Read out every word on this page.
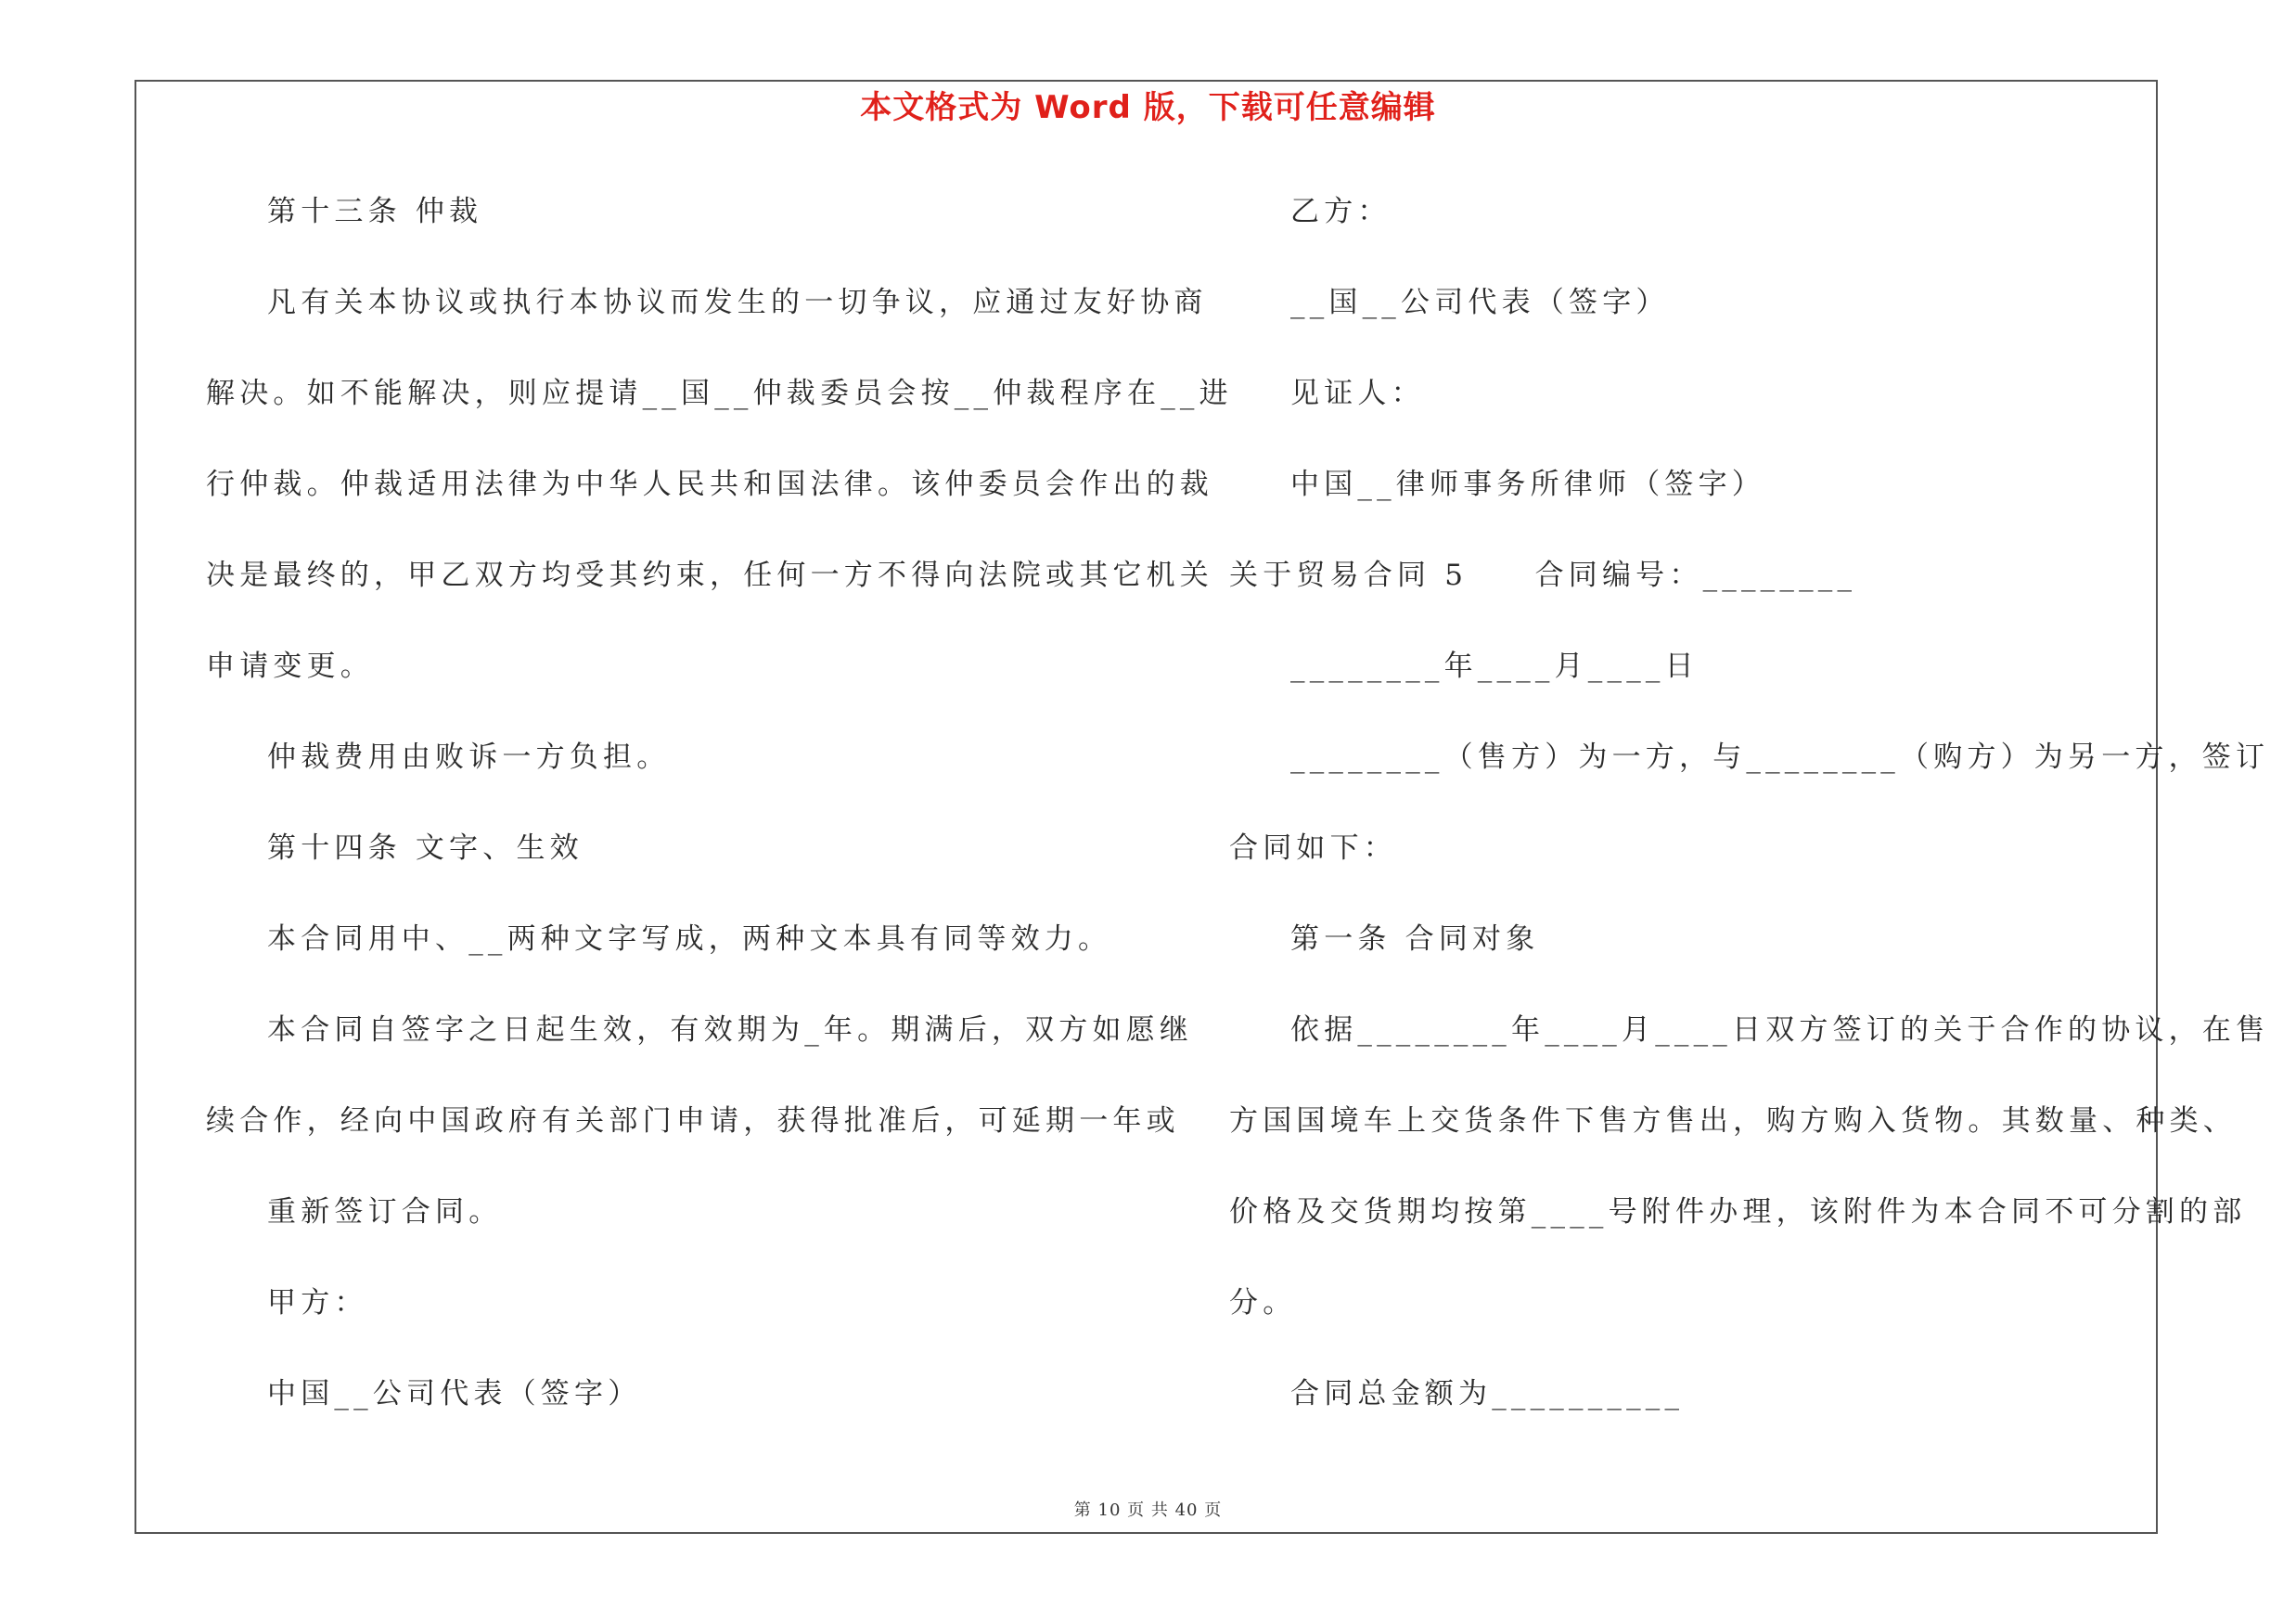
本文格式为 Word 版，下载可任意编辑
第十三条 仲裁
凡有关本协议或执行本协议而发生的一切争议，应通过友好协商
解决。如不能解决，则应提请__国__仲裁委员会按__仲裁程序在__进
行仲裁。仲裁适用法律为中华人民共和国法律。该仲委员会作出的裁
决是最终的，甲乙双方均受其约束，任何一方不得向法院或其它机关
申请变更。
仲裁费用由败诉一方负担。
第十四条 文字、生效
本合同用中、__两种文字写成，两种文本具有同等效力。
本合同自签字之日起生效，有效期为_年。期满后，双方如愿继
续合作，经向中国政府有关部门申请，获得批准后，可延期一年或
重新签订合同。
甲方：
中国__公司代表（签字）
乙方：
__国__公司代表（签字）
见证人：
中国__律师事务所律师（签字）
关于贸易合同 5　　合同编号：________
________年____月____日
________（售方）为一方，与________（购方）为另一方，签订
合同如下：
第一条 合同对象
依据________年____月____日双方签订的关于合作的协议，在售
方国国境车上交货条件下售方售出，购方购入货物。其数量、种类、
价格及交货期均按第____号附件办理，该附件为本合同不可分割的部
分。
合同总金额为__________
第 10 页 共 40 页
